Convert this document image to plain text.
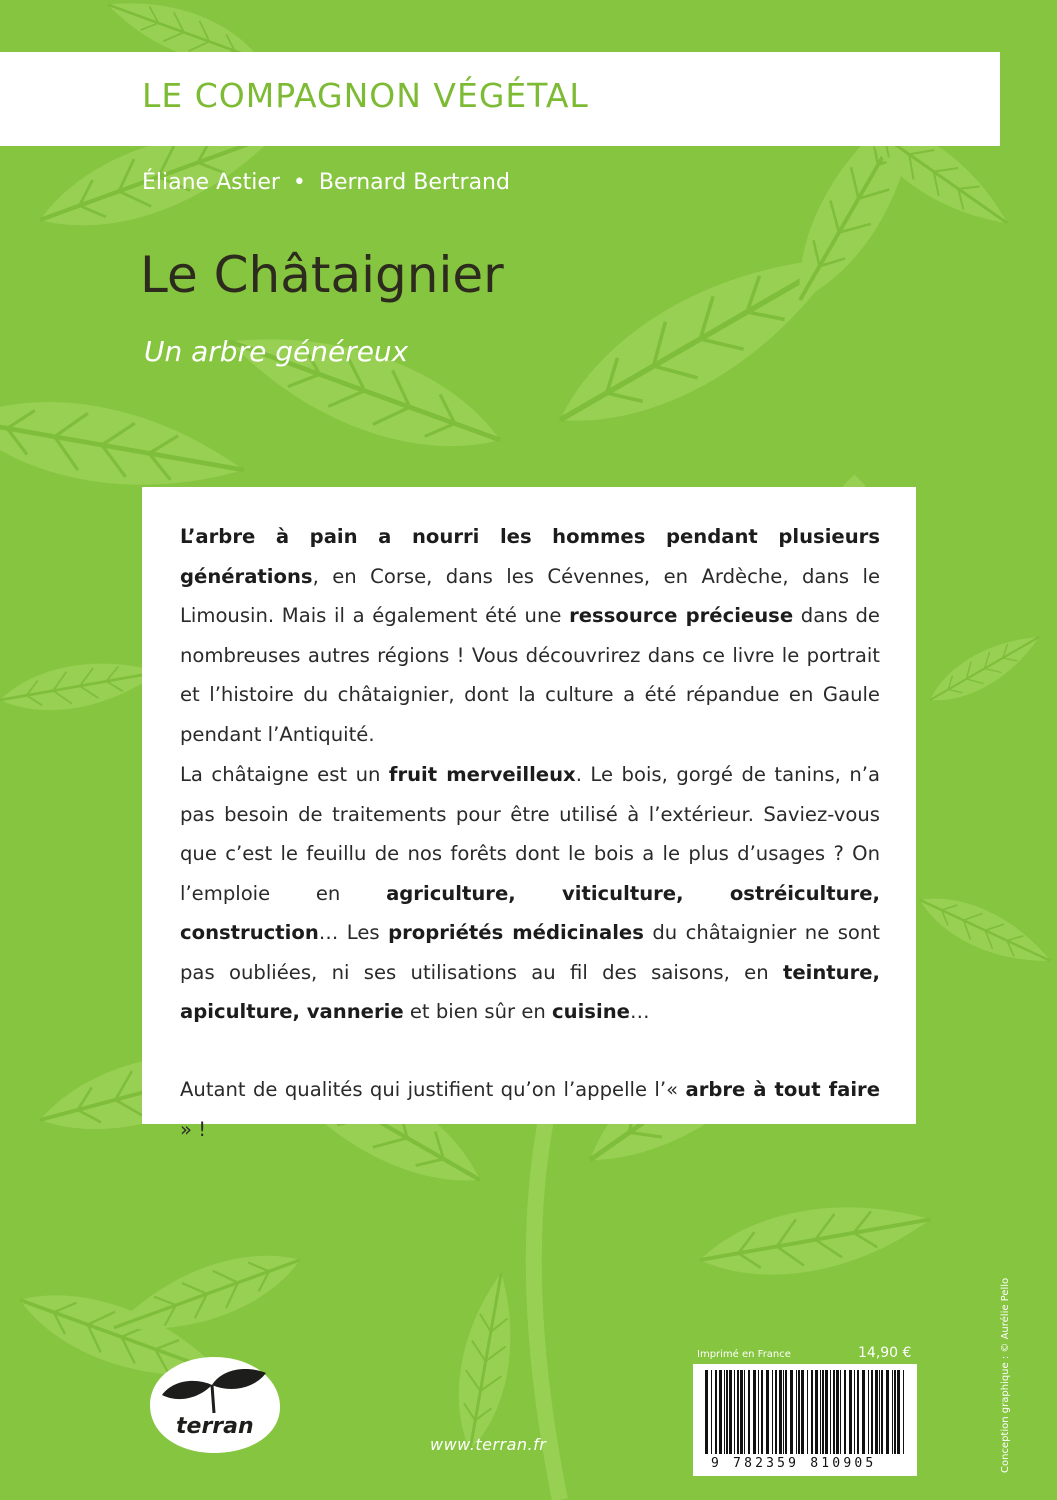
LE COMPAGNON VÉGÉTAL
Éliane Astier • Bernard Bertrand
Le Châtaignier
Un arbre généreux

L’arbre à pain a nourri les hommes pendant plusieurs générations, en Corse, dans les Cévennes, en Ardèche, dans le Limousin. Mais il a également été une ressource précieuse dans de nombreuses autres régions ! Vous découvrirez dans ce livre le portrait et l’histoire du châtaignier, dont la culture a été répandue en Gaule pendant l’Antiquité.

La châtaigne est un fruit merveilleux. Le bois, gorgé de tanins, n’a pas besoin de traitements pour être utilisé à l’extérieur. Saviez-vous que c’est le feuillu de nos forêts dont le bois a le plus d’usages ? On l’emploie en agriculture, viticulture, ostréiculture, construction… Les propriétés médicinales du châtaignier ne sont pas oubliées, ni ses utilisations au fil des saisons, en teinture, apiculture, vannerie et bien sûr en cuisine…

Autant de qualités qui justifient qu’on l’appelle l’« arbre à tout faire » !

terran
www.terran.fr
Imprimé en France	14,90 €
9 782359 810905	Conception graphique : © Aurélie Pello
